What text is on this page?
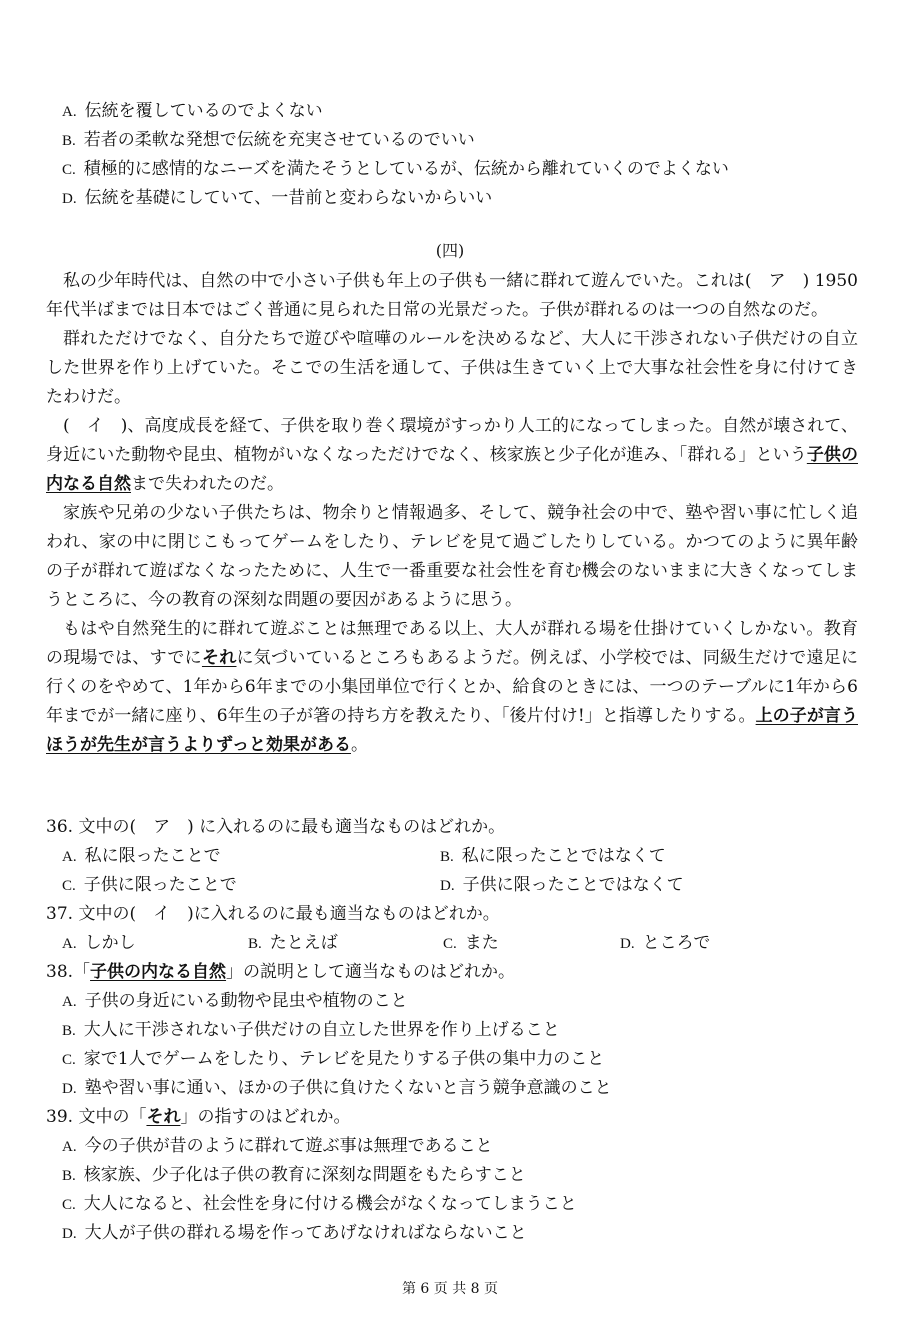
A. 伝統を覆しているのでよくない
B. 若者の柔軟な発想で伝統を充実させているのでいい
C. 積極的に感情的なニーズを満たそうとしているが、伝統から離れていくのでよくない
D. 伝統を基礎にしていて、一昔前と変わらないからいい
(四)

私の少年時代は、自然の中で小さい子供も年上の子供も一緒に群れて遊んでいた。これは(　ア　) 1950年代半ばまでは日本ではごく普通に見られた日常の光景だった。子供が群れるのは一つの自然なのだ。

群れただけでなく、自分たちで遊びや喧嘩のルールを決めるなど、大人に干渉されない子供だけの自立した世界を作り上げていた。そこでの生活を通して、子供は生きていく上で大事な社会性を身に付けてきたわけだ。

(　イ　)、高度成長を経て、子供を取り巻く環境がすっかり人工的になってしまった。自然が壊されて、身近にいた動物や昆虫、植物がいなくなっただけでなく、核家族と少子化が進み、「群れる」という子供の内なる自然まで失われたのだ。

家族や兄弟の少ない子供たちは、物余りと情報過多、そして、競争社会の中で、塾や習い事に忙しく追われ、家の中に閉じこもってゲームをしたり、テレビを見て過ごしたりしている。かつてのように異年齢の子が群れて遊ばなくなったために、人生で一番重要な社会性を育む機会のないままに大きくなってしまうところに、今の教育の深刻な問題の要因があるように思う。

もはや自然発生的に群れて遊ぶことは無理である以上、大人が群れる場を仕掛けていくしかない。教育の現場では、すでにそれに気づいているところもあるようだ。例えば、小学校では、同級生だけで遠足に行くのをやめて、1年から6年までの小集団単位で行くとか、給食のときには、一つのテーブルに1年から6年までが一緒に座り、6年生の子が箸の持ち方を教えたり、「後片付け!」と指導したりする。上の子が言うほうが先生が言うよりずっと効果がある。

36. 文中の(　ア　) に入れるのに最も適当なものはどれか。
A. 私に限ったことで	B. 私に限ったことではなくて
C. 子供に限ったことで	D. 子供に限ったことではなくて
37. 文中の(　イ　)に入れるのに最も適当なものはどれか。
A. しかし	B. たとえば	C. また	D. ところで
38.「子供の内なる自然」の説明として適当なものはどれか。
A. 子供の身近にいる動物や昆虫や植物のこと
B. 大人に干渉されない子供だけの自立した世界を作り上げること
C. 家で1人でゲームをしたり、テレビを見たりする子供の集中力のこと
D. 塾や習い事に通い、ほかの子供に負けたくないと言う競争意識のこと
39. 文中の「それ」の指すのはどれか。
A. 今の子供が昔のように群れて遊ぶ事は無理であること
B. 核家族、少子化は子供の教育に深刻な問題をもたらすこと
C. 大人になると、社会性を身に付ける機会がなくなってしまうこと
D. 大人が子供の群れる場を作ってあげなければならないこと
第 6 页 共 8 页
